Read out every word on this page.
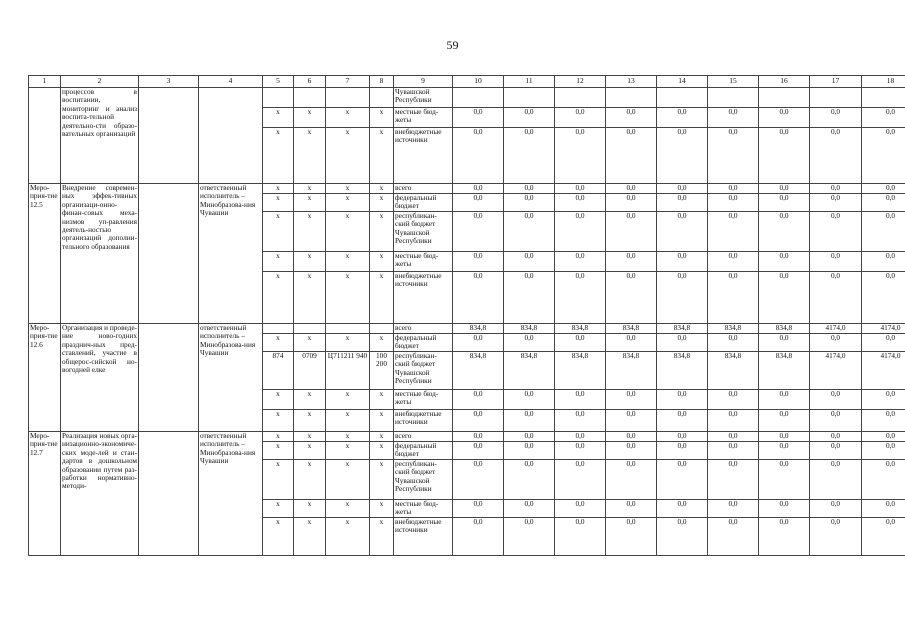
59
1	2	3	4	5	6	7	8	9	10	11	12	13	14	15	16	17	18
	процессов в воспитании, мониторинг и анализ воспита-тельной деятельно-сти образо-вательных организаций							Чувашской Республики									
				x	x	x	x	местные бюд-жеты	0,0	0,0	0,0	0,0	0,0	0,0	0,0	0,0	0,0
				x	x	x	x	внебюджетные источники	0,0	0,0	0,0	0,0	0,0	0,0	0,0	0,0	0,0
Меро-прия-тие 12.5	Внедрение современ-ных эффек-тивных организаци-онно-финан-совых меха-низмов уп-равления деятель-ностью организаций дополни-тельного образования		ответственный исполнитель – Минобразова-ния Чувашии	x	x	x	x	всего	0,0	0,0	0,0	0,0	0,0	0,0	0,0	0,0	0,0
				x	x	x	x	федеральный бюджет	0,0	0,0	0,0	0,0	0,0	0,0	0,0	0,0	0,0
				x	x	x	x	республикан-ский бюджет Чувашской Республики	0,0	0,0	0,0	0,0	0,0	0,0	0,0	0,0	0,0
				x	x	x	x	местные бюд-жеты	0,0	0,0	0,0	0,0	0,0	0,0	0,0	0,0	0,0
				x	x	x	x	внебюджетные источники	0,0	0,0	0,0	0,0	0,0	0,0	0,0	0,0	0,0
Меро-прия-тие 12.6	Организация и проведе-ние ново-годних празднич-ных пред-ставлений, участие в общерос-сийской но-вогодней елке		ответственный исполнитель – Минобразова-ния Чувашии					всего	834,8	834,8	834,8	834,8	834,8	834,8	834,8	4174,0	4174,0
				x	x	x	x	федеральный бюджет	0,0	0,0	0,0	0,0	0,0	0,0	0,0	0,0	0,0
				874	0709	Ц711211 940	100 200	республикан-ский бюджет Чувашской Республики	834,8	834,8	834,8	834,8	834,8	834,8	834,8	4174,0	4174,0
				x	x	x	x	местные бюд-жеты	0,0	0,0	0,0	0,0	0,0	0,0	0,0	0,0	0,0
				x	x	x	x	внебюджетные источники	0,0	0,0	0,0	0,0	0,0	0,0	0,0	0,0	0,0
Меро-прия-тие 12.7	Реализация новых орга-низационно-экономиче-ских моде-лей и стан-дартов в дошкольном образовании путем раз-работки нормативно-методи-		ответственный исполнитель – Минобразова-ния Чувашии	x	x	x	x	всего	0,0	0,0	0,0	0,0	0,0	0,0	0,0	0,0	0,0
				x	x	x	x	федеральный бюджет	0,0	0,0	0,0	0,0	0,0	0,0	0,0	0,0	0,0
				x	x	x	x	республикан-ский бюджет Чувашской Республики	0,0	0,0	0,0	0,0	0,0	0,0	0,0	0,0	0,0
				x	x	x	x	местные бюд-жеты	0,0	0,0	0,0	0,0	0,0	0,0	0,0	0,0	0,0
				x	x	x	x	внебюджетные источники	0,0	0,0	0,0	0,0	0,0	0,0	0,0	0,0	0,0
